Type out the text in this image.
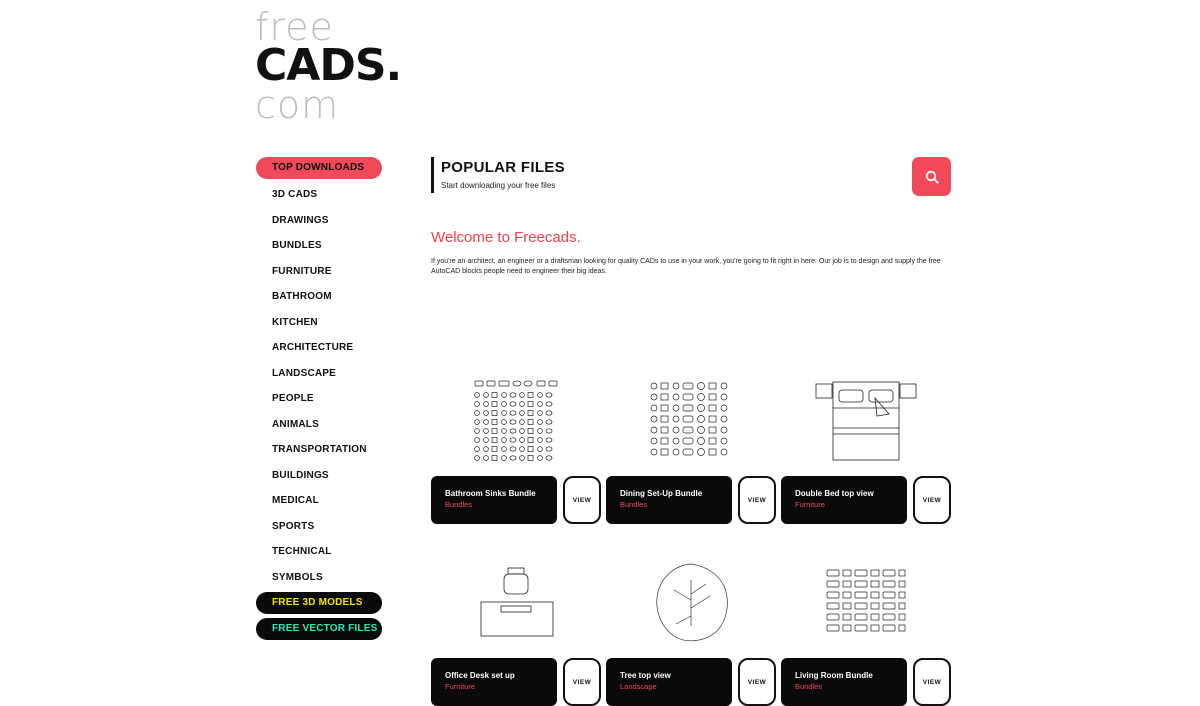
free
CADS.
com
TOP DOWNLOADS
3D CADS
DRAWINGS
BUNDLES
FURNITURE
BATHROOM
KITCHEN
ARCHITECTURE
LANDSCAPE
PEOPLE
ANIMALS
TRANSPORTATION
BUILDINGS
MEDICAL
SPORTS
TECHNICAL
SYMBOLS
FREE 3D MODELS
FREE VECTOR FILES
POPULAR FILES
Start downloading your free files
Welcome to Freecads.
If you're an architect, an engineer or a draftsman looking for quality CADs to use in your work, you're going to fit right in here. Our job is to design and supply the free AutoCAD blocks people need to engineer their big ideas.
Bathroom Sinks Bundle
Bundles	VIEW
Dining Set-Up Bundle
Bundles	VIEW
Double Bed top view
Furniture	VIEW
Office Desk set up
Furniture	VIEW
Tree top view
Landscape	VIEW
Living Room Bundle
Bundles	VIEW
